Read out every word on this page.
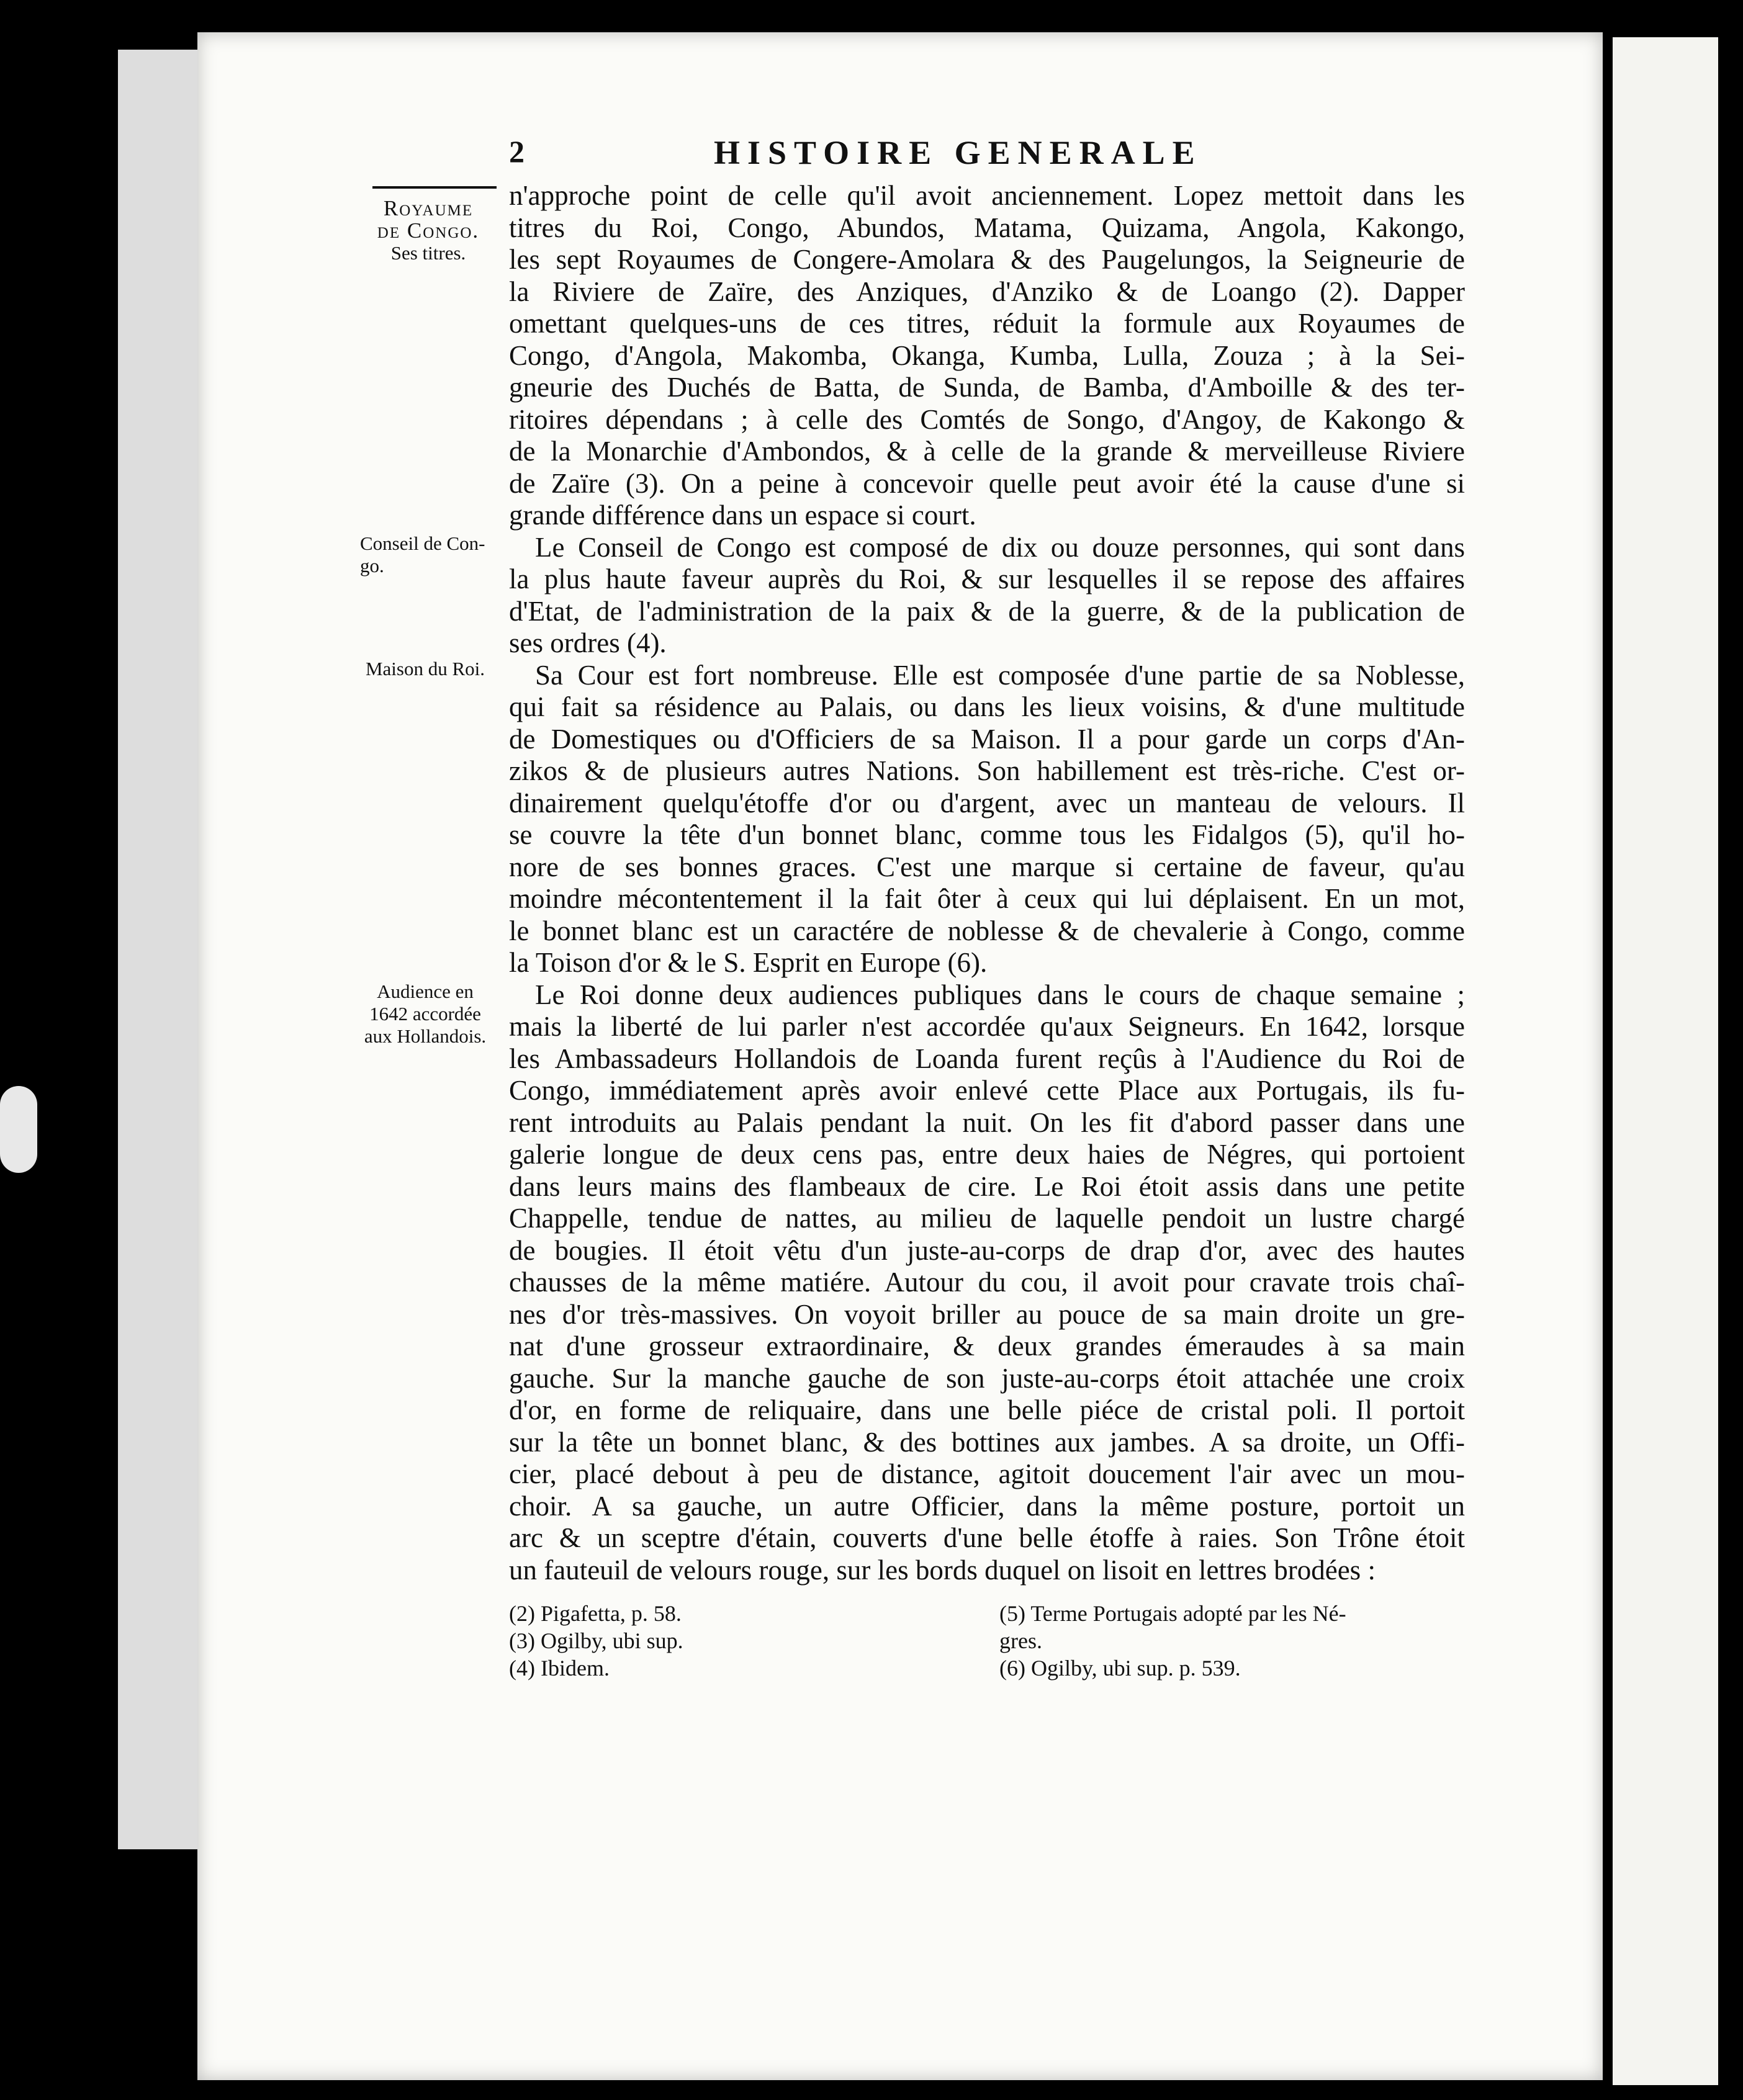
2	HISTOIRE GENERALE
Royaume
de Congo.
Ses titres.
Conseil de Con-
go.
Maison du Roi.
Audience en
1642 accordée
aux Hollandois.
n'approche point de celle qu'il avoit anciennement. Lopez mettoit dans les
titres du Roi, Congo, Abundos, Matama, Quizama, Angola, Kakongo,
les sept Royaumes de Congere-Amolara & des Paugelungos, la Seigneurie de
la Riviere de Zaïre, des Anziques, d'Anziko & de Loango (2). Dapper
omettant quelques-uns de ces titres, réduit la formule aux Royaumes de
Congo, d'Angola, Makomba, Okanga, Kumba, Lulla, Zouza ; à la Sei-
gneurie des Duchés de Batta, de Sunda, de Bamba, d'Amboille & des ter-
ritoires dépendans ; à celle des Comtés de Songo, d'Angoy, de Kakongo &
de la Monarchie d'Ambondos, & à celle de la grande & merveilleuse Riviere
de Zaïre (3). On a peine à concevoir quelle peut avoir été la cause d'une si
grande différence dans un espace si court.
Le Conseil de Congo est composé de dix ou douze personnes, qui sont dans
la plus haute faveur auprès du Roi, & sur lesquelles il se repose des affaires
d'Etat, de l'administration de la paix & de la guerre, & de la publication de
ses ordres (4).
Sa Cour est fort nombreuse. Elle est composée d'une partie de sa Noblesse,
qui fait sa résidence au Palais, ou dans les lieux voisins, & d'une multitude
de Domestiques ou d'Officiers de sa Maison. Il a pour garde un corps d'An-
zikos & de plusieurs autres Nations. Son habillement est très-riche. C'est or-
dinairement quelqu'étoffe d'or ou d'argent, avec un manteau de velours. Il
se couvre la tête d'un bonnet blanc, comme tous les Fidalgos (5), qu'il ho-
nore de ses bonnes graces. C'est une marque si certaine de faveur, qu'au
moindre mécontentement il la fait ôter à ceux qui lui déplaisent. En un mot,
le bonnet blanc est un caractére de noblesse & de chevalerie à Congo, comme
la Toison d'or & le S. Esprit en Europe (6).
Le Roi donne deux audiences publiques dans le cours de chaque semaine ;
mais la liberté de lui parler n'est accordée qu'aux Seigneurs. En 1642, lorsque
les Ambassadeurs Hollandois de Loanda furent reçûs à l'Audience du Roi de
Congo, immédiatement après avoir enlevé cette Place aux Portugais, ils fu-
rent introduits au Palais pendant la nuit. On les fit d'abord passer dans une
galerie longue de deux cens pas, entre deux haies de Négres, qui portoient
dans leurs mains des flambeaux de cire. Le Roi étoit assis dans une petite
Chappelle, tendue de nattes, au milieu de laquelle pendoit un lustre chargé
de bougies. Il étoit vêtu d'un juste-au-corps de drap d'or, avec des hautes
chausses de la même matiére. Autour du cou, il avoit pour cravate trois chaî-
nes d'or très-massives. On voyoit briller au pouce de sa main droite un gre-
nat d'une grosseur extraordinaire, & deux grandes émeraudes à sa main
gauche. Sur la manche gauche de son juste-au-corps étoit attachée une croix
d'or, en forme de reliquaire, dans une belle piéce de cristal poli. Il portoit
sur la tête un bonnet blanc, & des bottines aux jambes. A sa droite, un Offi-
cier, placé debout à peu de distance, agitoit doucement l'air avec un mou-
choir. A sa gauche, un autre Officier, dans la même posture, portoit un
arc & un sceptre d'étain, couverts d'une belle étoffe à raies. Son Trône étoit
un fauteuil de velours rouge, sur les bords duquel on lisoit en lettres brodées :
(2) Pigafetta, p. 58.
(3) Ogilby, ubi sup.
(4) Ibidem.
(5) Terme Portugais adopté par les Né-
gres.
(6) Ogilby, ubi sup. p. 539.
